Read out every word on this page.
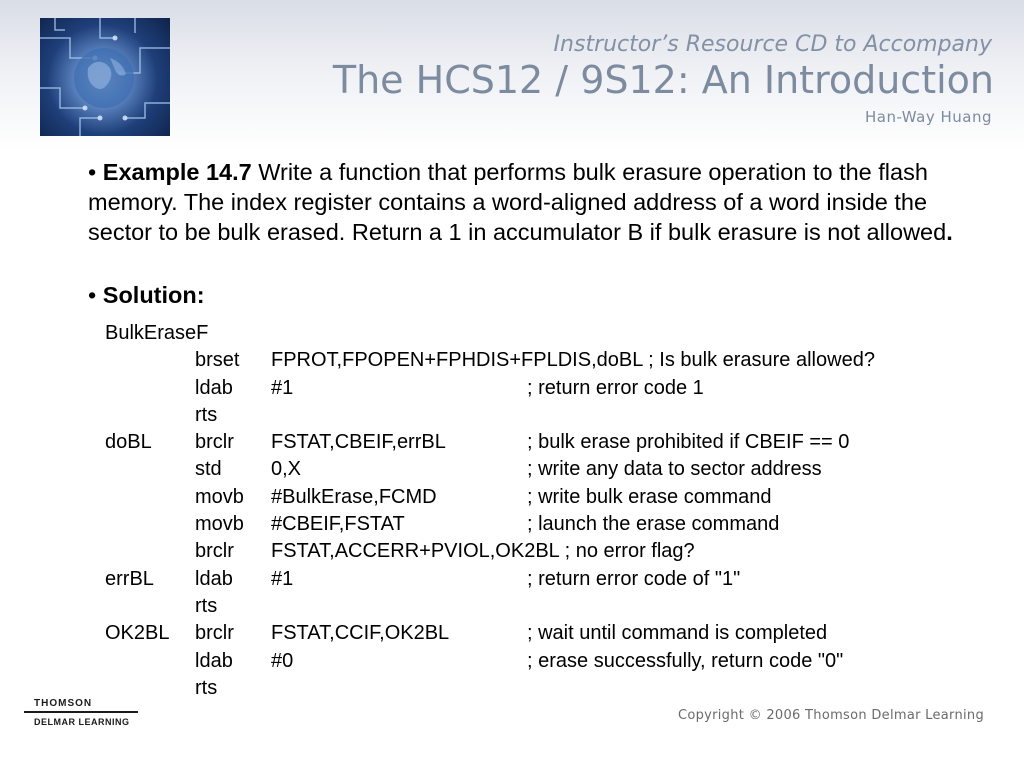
Instructor’s Resource CD to Accompany
The HCS12 / 9S12: An Introduction
Han-Way Huang
• Example 14.7 Write a function that performs bulk erasure operation to the flash memory. The index register contains a word-aligned address of a word inside the sector to be bulk erased. Return a 1 in accumulator B if bulk erasure is not allowed.
• Solution:
BulkEraseF
brset FPROT,FPOPEN+FPHDIS+FPLDIS,doBL ; Is bulk erasure allowed?
ldab #1	; return error code 1
rts
doBL brclr FSTAT,CBEIF,errBL	; bulk erase prohibited if CBEIF == 0
std 0,X	; write any data to sector address
movb #BulkErase,FCMD	; write bulk erase command
movb #CBEIF,FSTAT	; launch the erase command
brclr FSTAT,ACCERR+PVIOL,OK2BL ; no error flag?
errBL ldab #1	; return error code of "1"
rts
OK2BL brclr FSTAT,CCIF,OK2BL	; wait until command is completed
ldab #0	; erase successfully, return code "0"
rts
THOMSON
DELMAR LEARNING	Copyright © 2006 Thomson Delmar Learning
